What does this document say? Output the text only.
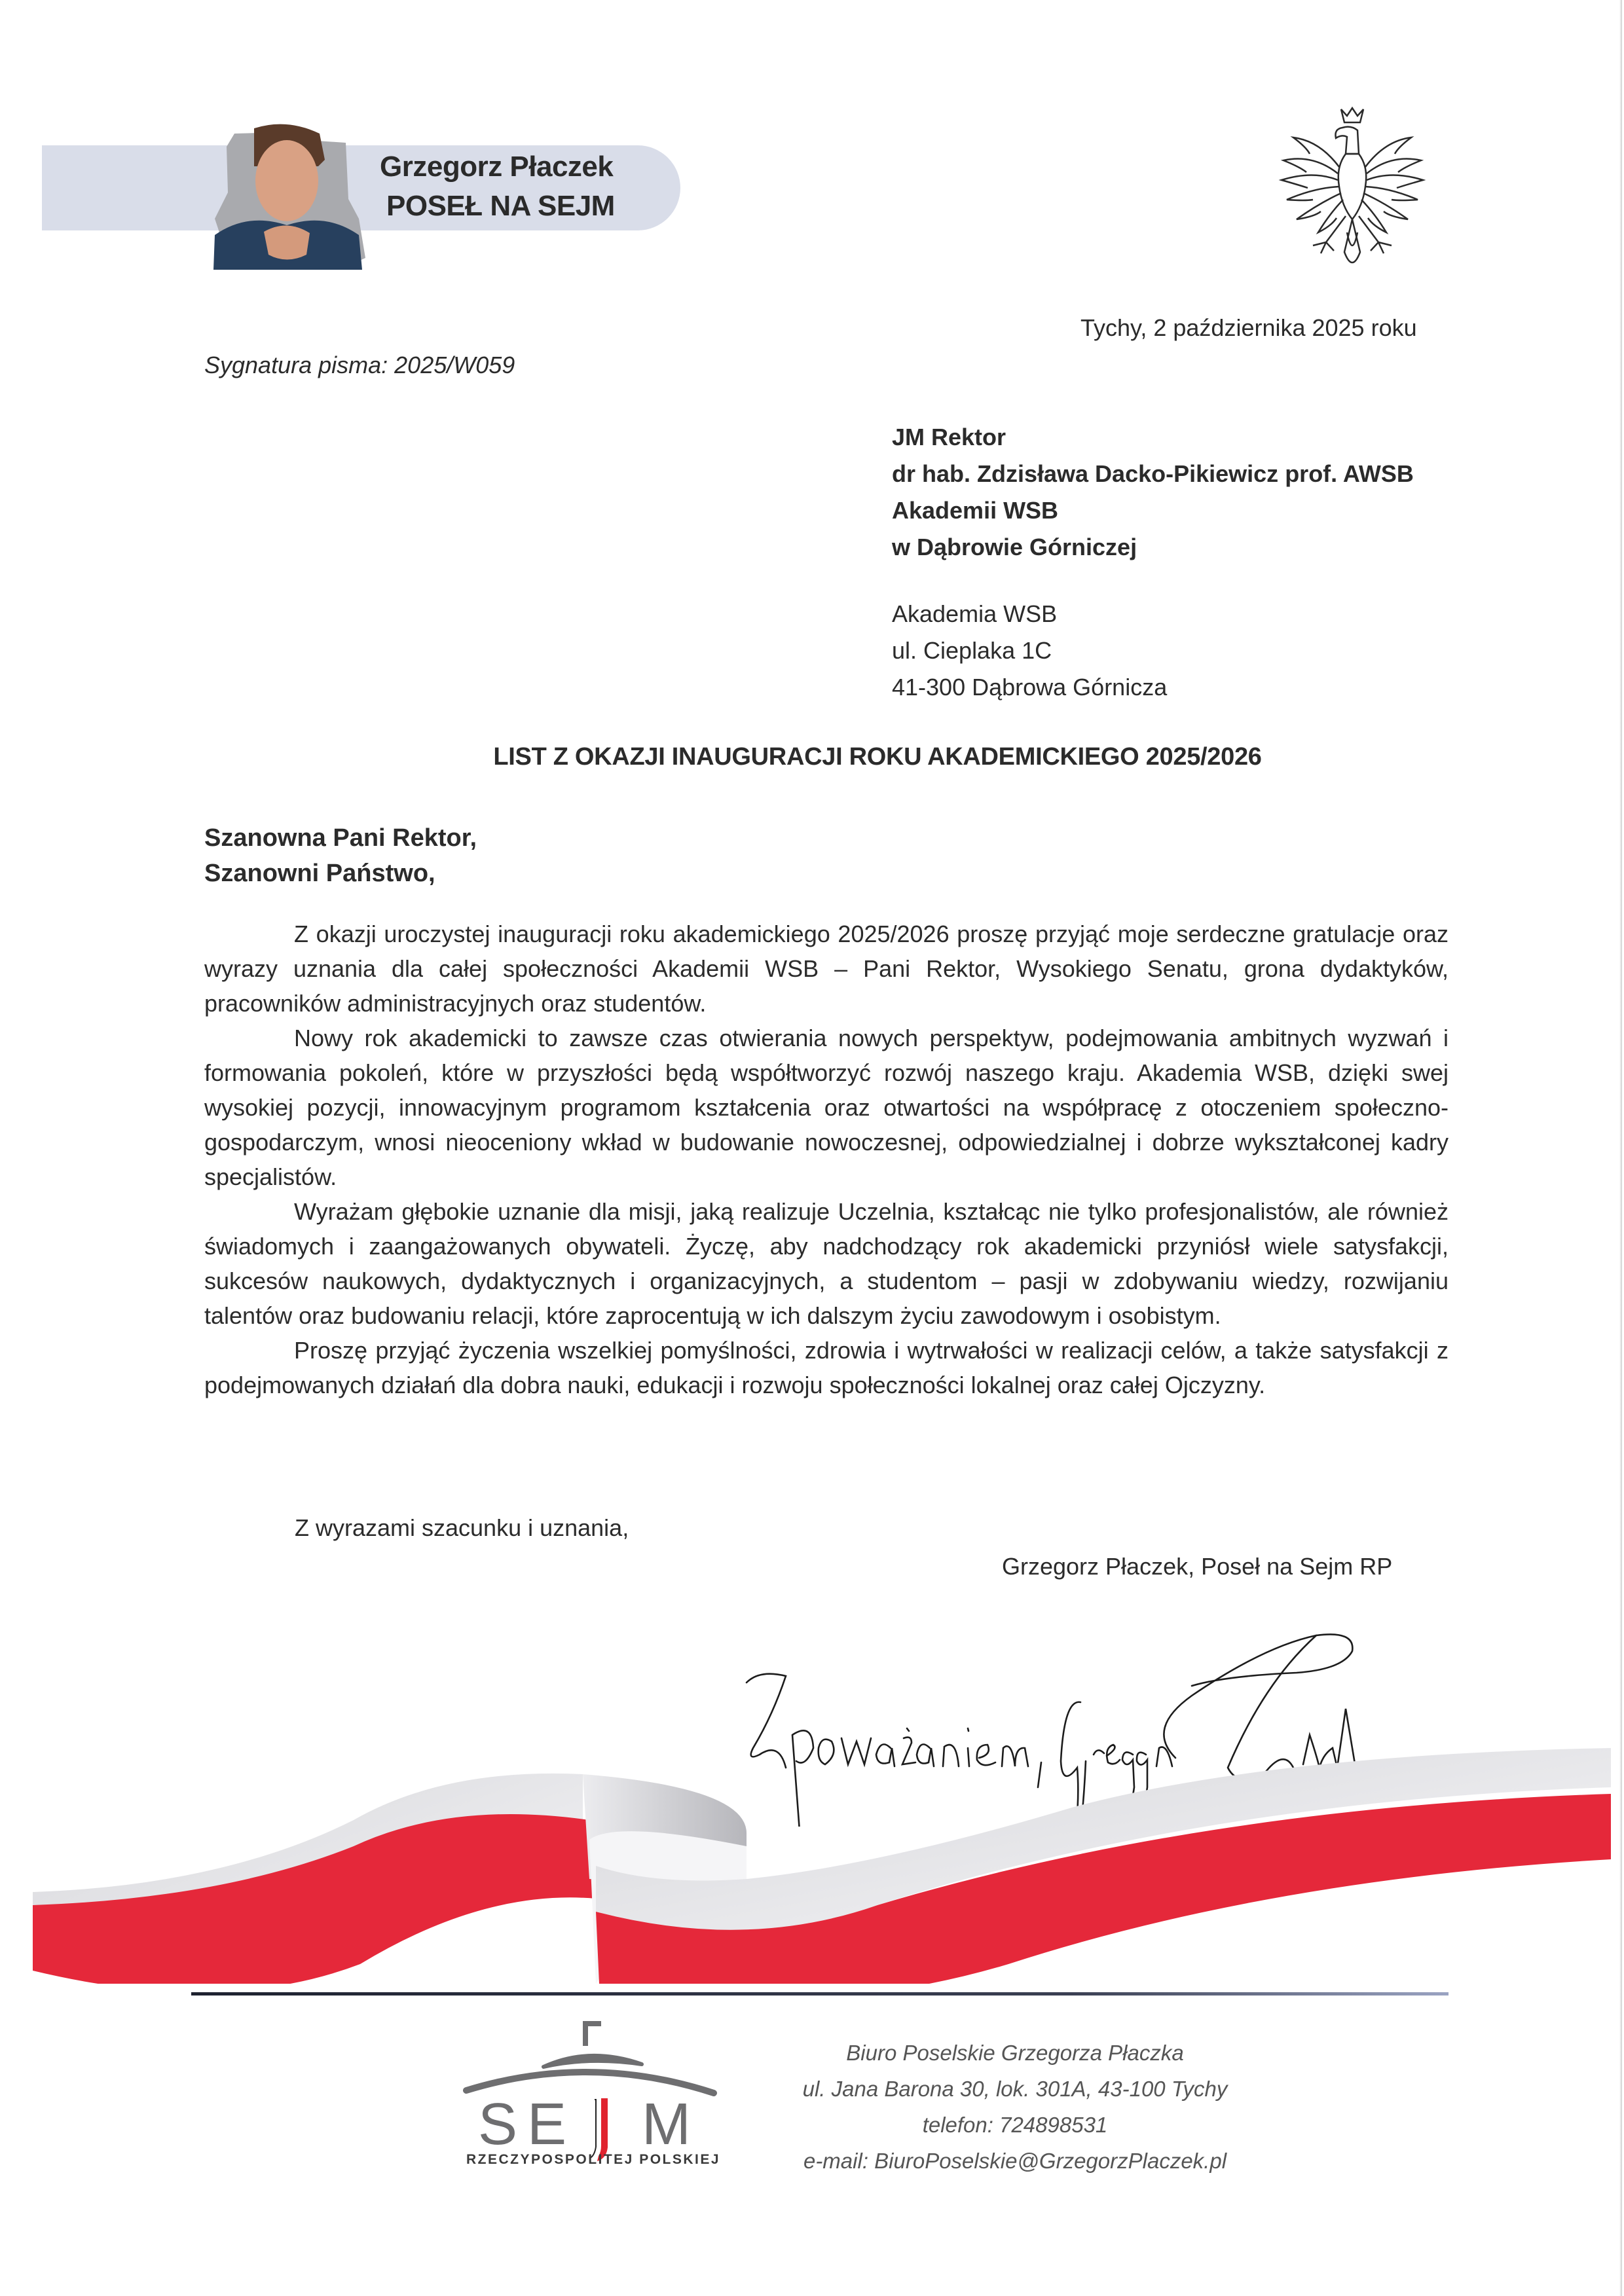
Grzegorz Płaczek
POSEŁ NA SEJM
Tychy, 2 października 2025 roku
Sygnatura pisma: 2025/W059
JM Rektor
dr hab. Zdzisława Dacko-Pikiewicz prof. AWSB
Akademii WSB
w Dąbrowie Górniczej
Akademia WSB
ul. Cieplaka 1C
41-300 Dąbrowa Górnicza
LIST Z OKAZJI INAUGURACJI ROKU AKADEMICKIEGO 2025/2026
Szanowna Pani Rektor,
Szanowni Państwo,

Z okazji uroczystej inauguracji roku akademickiego 2025/2026 proszę przyjąć moje serdeczne gratulacje oraz wyrazy uznania dla całej społeczności Akademii WSB – Pani Rektor, Wysokiego Senatu, grona dydaktyków, pracowników administracyjnych oraz studentów.

Nowy rok akademicki to zawsze czas otwierania nowych perspektyw, podejmowania ambitnych wyzwań i formowania pokoleń, które w przyszłości będą współtworzyć rozwój naszego kraju. Akademia WSB, dzięki swej wysokiej pozycji, innowacyjnym programom kształcenia oraz otwartości na współpracę z otoczeniem społeczno-gospodarczym, wnosi nieoceniony wkład w budowanie nowoczesnej, odpowiedzialnej i dobrze wykształconej kadry specjalistów.

Wyrażam głębokie uznanie dla misji, jaką realizuje Uczelnia, kształcąc nie tylko profesjonalistów, ale również świadomych i zaangażowanych obywateli. Życzę, aby nadchodzący rok akademicki przyniósł wiele satysfakcji, sukcesów naukowych, dydaktycznych i organizacyjnych, a studentom – pasji w zdobywaniu wiedzy, rozwijaniu talentów oraz budowaniu relacji, które zaprocentują w ich dalszym życiu zawodowym i osobistym.

Proszę przyjąć życzenia wszelkiej pomyślności, zdrowia i wytrwałości w realizacji celów, a także satysfakcji z podejmowanych działań dla dobra nauki, edukacji i rozwoju społeczności lokalnej oraz całej Ojczyzny.

Z wyrazami szacunku i uznania,
Grzegorz Płaczek, Poseł na Sejm RP
S E M
RZECZYPOSPOLITEJ POLSKIEJ
Biuro Poselskie Grzegorza Płaczka
ul. Jana Barona 30, lok. 301A, 43-100 Tychy
telefon: 724898531
e-mail: BiuroPoselskie@GrzegorzPlaczek.pl
